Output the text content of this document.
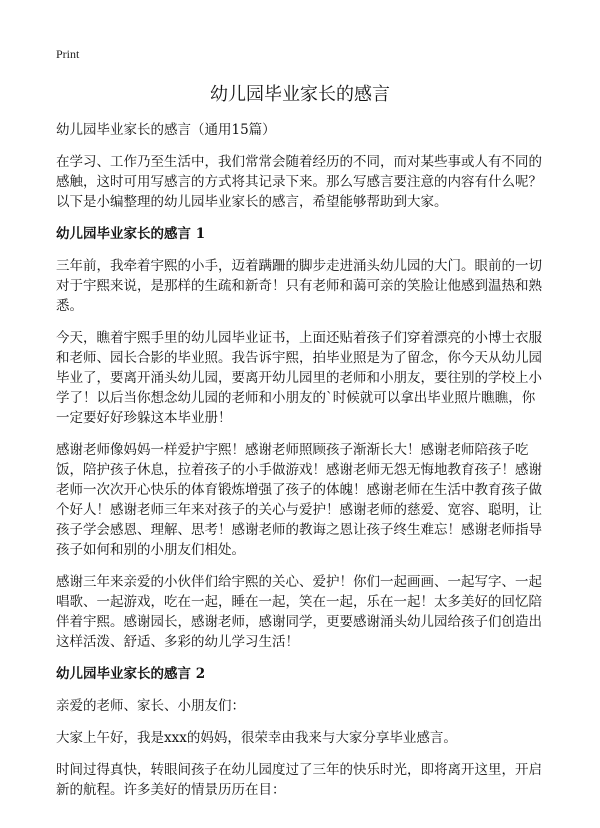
Print
幼儿园毕业家长的感言
幼儿园毕业家长的感言（通用15篇）

在学习、工作乃至生活中，我们常常会随着经历的不同，而对某些事或人有不同的感触，这时可用写感言的方式将其记录下来。那么写感言要注意的内容有什么呢？以下是小编整理的幼儿园毕业家长的感言，希望能够帮助到大家。

幼儿园毕业家长的感言 1

三年前，我牵着宇熙的小手，迈着蹒跚的脚步走进涌头幼儿园的大门。眼前的一切对于宇熙来说，是那样的生疏和新奇！只有老师和蔼可亲的笑脸让他感到温热和熟悉。

今天，瞧着宇熙手里的幼儿园毕业证书，上面还贴着孩子们穿着漂亮的小博士衣服和老师、园长合影的毕业照。我告诉宇熙，拍毕业照是为了留念，你今天从幼儿园毕业了，要离开涌头幼儿园，要离开幼儿园里的老师和小朋友，要往别的学校上小学了！以后当你想念幼儿园的老师和小朋友的`时候就可以拿出毕业照片瞧瞧，你一定要好好珍躲这本毕业册！

感谢老师像妈妈一样爱护宇熙！感谢老师照顾孩子渐渐长大！感谢老师陪孩子吃饭，陪护孩子休息，拉着孩子的小手做游戏！感谢老师无怨无悔地教育孩子！感谢老师一次次开心快乐的体育锻炼增强了孩子的体魄！感谢老师在生活中教育孩子做个好人！感谢老师三年来对孩子的关心与爱护！感谢老师的慈爱、宽容、聪明，让孩子学会感恩、理解、思考！感谢老师的教诲之恩让孩子终生难忘！感谢老师指导孩子如何和别的小朋友们相处。

感谢三年来亲爱的小伙伴们给宇熙的关心、爱护！你们一起画画、一起写字、一起唱歌、一起游戏，吃在一起，睡在一起，笑在一起，乐在一起！太多美好的回忆陪伴着宇熙。感谢园长，感谢老师，感谢同学，更要感谢涌头幼儿园给孩子们创造出这样活泼、舒适、多彩的幼儿学习生活！

幼儿园毕业家长的感言 2

亲爱的老师、家长、小朋友们：

大家上午好，我是xxx的妈妈，很荣幸由我来与大家分享毕业感言。

时间过得真快，转眼间孩子在幼儿园度过了三年的快乐时光，即将离开这里，开启新的航程。许多美好的情景历历在目：
